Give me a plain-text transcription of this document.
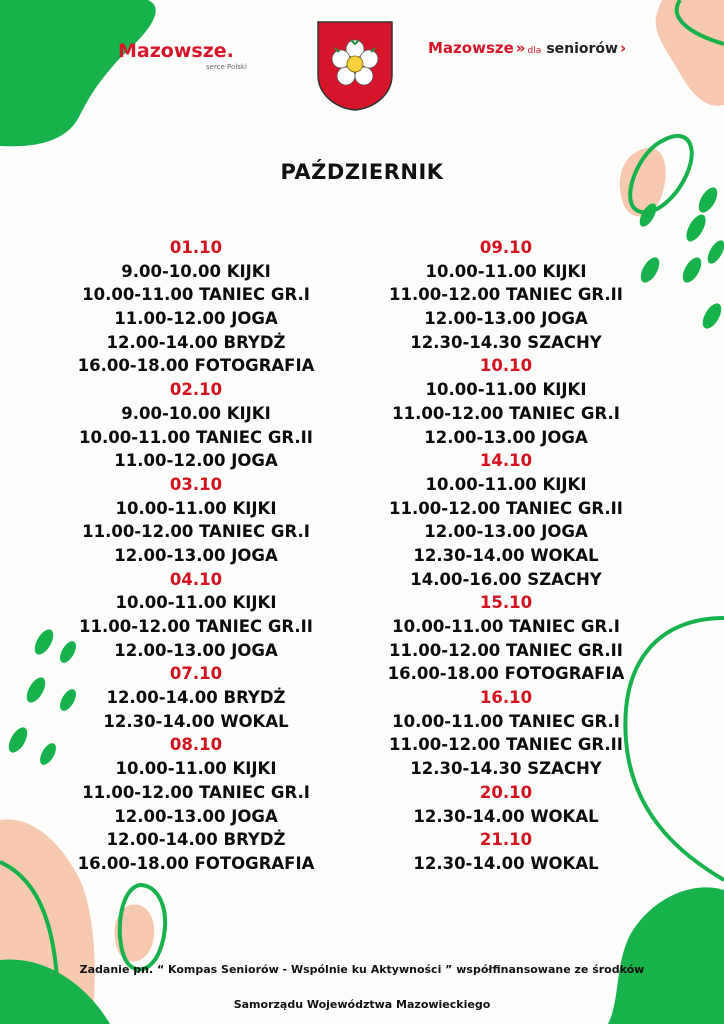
Mazowsze.
serce Polski
Mazowsze » dla seniorów ›
PAŹDZIERNIK
01.10
9.00-10.00 KIJKI
10.00-11.00 TANIEC GR.I
11.00-12.00 JOGA
12.00-14.00 BRYDŻ
16.00-18.00 FOTOGRAFIA
02.10
9.00-10.00 KIJKI
10.00-11.00 TANIEC GR.II
11.00-12.00 JOGA
03.10
10.00-11.00 KIJKI
11.00-12.00 TANIEC GR.I
12.00-13.00 JOGA
04.10
10.00-11.00 KIJKI
11.00-12.00 TANIEC GR.II
12.00-13.00 JOGA
07.10
12.00-14.00 BRYDŻ
12.30-14.00 WOKAL
08.10
10.00-11.00 KIJKI
11.00-12.00 TANIEC GR.I
12.00-13.00 JOGA
12.00-14.00 BRYDŻ
16.00-18.00 FOTOGRAFIA
09.10
10.00-11.00 KIJKI
11.00-12.00 TANIEC GR.II
12.00-13.00 JOGA
12.30-14.30 SZACHY
10.10
10.00-11.00 KIJKI
11.00-12.00 TANIEC GR.I
12.00-13.00 JOGA
14.10
10.00-11.00 KIJKI
11.00-12.00 TANIEC GR.II
12.00-13.00 JOGA
12.30-14.00 WOKAL
14.00-16.00 SZACHY
15.10
10.00-11.00 TANIEC GR.I
11.00-12.00 TANIEC GR.II
16.00-18.00 FOTOGRAFIA
16.10
10.00-11.00 TANIEC GR.I
11.00-12.00 TANIEC GR.II
12.30-14.30 SZACHY
20.10
12.30-14.00 WOKAL
21.10
12.30-14.00 WOKAL
Zadanie pn. “ Kompas Seniorów - Wspólnie ku Aktywności ” współfinansowane ze środków
Samorządu Województwa Mazowieckiego
